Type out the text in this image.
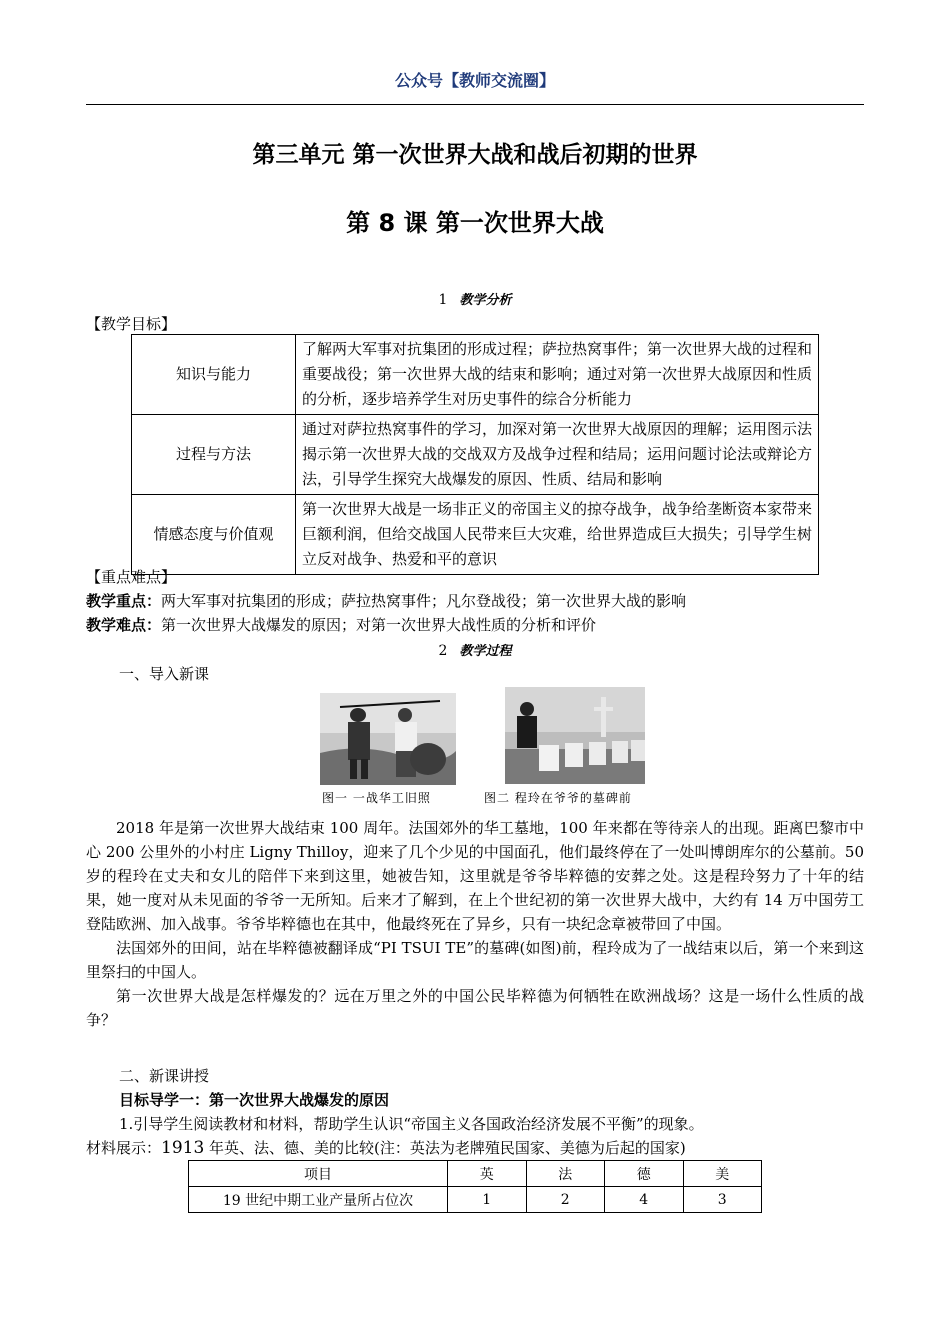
公众号【教师交流圈】
第三单元 第一次世界大战和战后初期的世界
第 8 课 第一次世界大战
1 教学分析
【教学目标】
知识与能力	了解两大军事对抗集团的形成过程；萨拉热窝事件；第一次世界大战的过程和重要战役；第一次世界大战的结束和影响；通过对第一次世界大战原因和性质的分析，逐步培养学生对历史事件的综合分析能力
过程与方法	通过对萨拉热窝事件的学习，加深对第一次世界大战原因的理解；运用图示法揭示第一次世界大战的交战双方及战争过程和结局；运用问题讨论法或辩论方法，引导学生探究大战爆发的原因、性质、结局和影响
情感态度与价值观	第一次世界大战是一场非正义的帝国主义的掠夺战争，战争给垄断资本家带来巨额利润，但给交战国人民带来巨大灾难，给世界造成巨大损失；引导学生树立反对战争、热爱和平的意识
【重点难点】
教学重点：两大军事对抗集团的形成；萨拉热窝事件；凡尔登战役；第一次世界大战的影响
教学难点：第一次世界大战爆发的原因；对第一次世界大战性质的分析和评价
2 教学过程
一、导入新课
图一 一战华工旧照	图二 程玲在爷爷的墓碑前

2018 年是第一次世界大战结束 100 周年。法国郊外的华工墓地，100 年来都在等待亲人的出现。距离巴黎市中心 200 公里外的小村庄 Ligny Thilloy，迎来了几个少见的中国面孔，他们最终停在了一处叫博朗库尔的公墓前。50 岁的程玲在丈夫和女儿的陪伴下来到这里，她被告知，这里就是爷爷毕粹德的安葬之处。这是程玲努力了十年的结果，她一度对从未见面的爷爷一无所知。后来才了解到，在上个世纪初的第一次世界大战中，大约有 14 万中国劳工登陆欧洲、加入战事。爷爷毕粹德也在其中，他最终死在了异乡，只有一块纪念章被带回了中国。

法国郊外的田间，站在毕粹德被翻译成“PI TSUI TE”的墓碑(如图)前，程玲成为了一战结束以后，第一个来到这里祭扫的中国人。

第一次世界大战是怎样爆发的？远在万里之外的中国公民毕粹德为何牺牲在欧洲战场？这是一场什么性质的战争？

二、新课讲授
目标导学一：第一次世界大战爆发的原因
1.引导学生阅读教材和材料，帮助学生认识“帝国主义各国政治经济发展不平衡”的现象。
材料展示：1913 年英、法、德、美的比较(注：英法为老牌殖民国家、美德为后起的国家)
项目	英	法	德	美
19 世纪中期工业产量所占位次	1	2	4	3
